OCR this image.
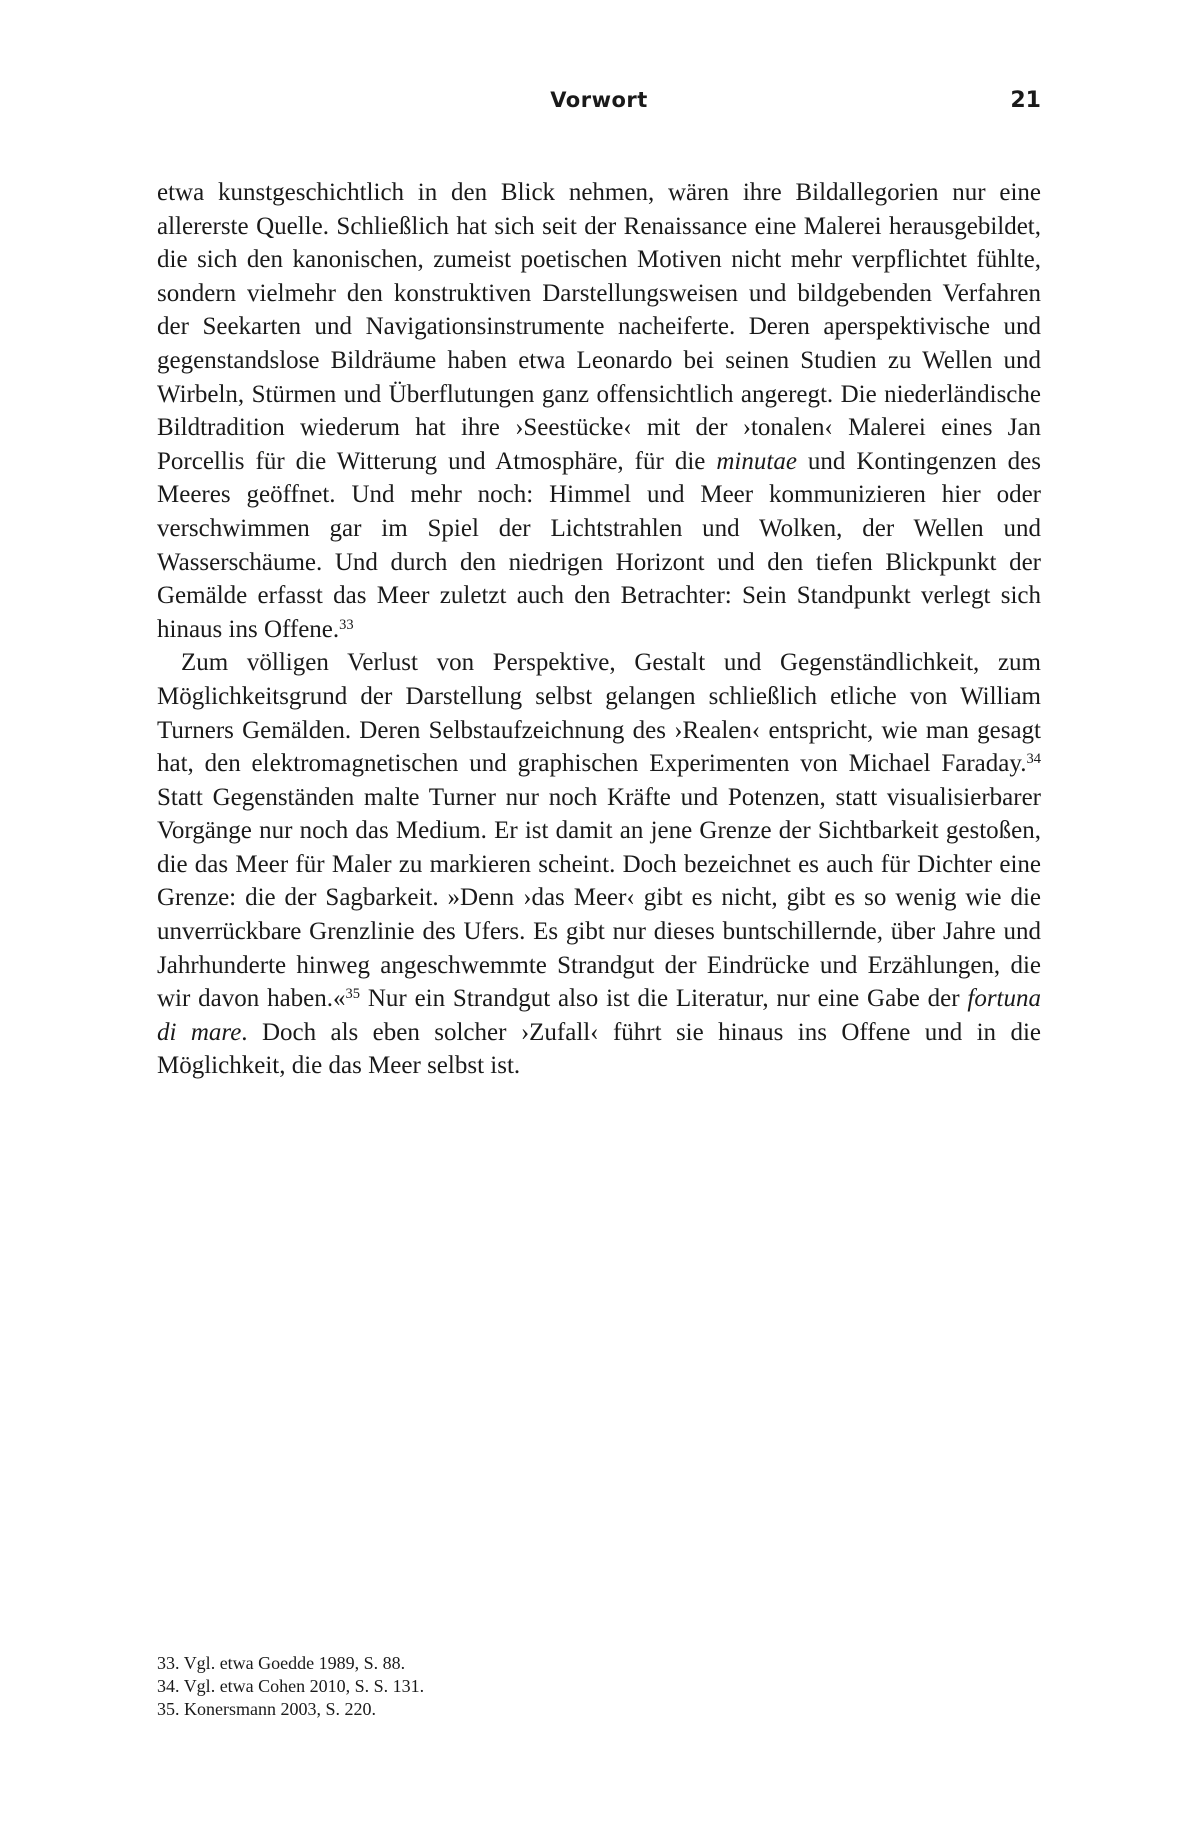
Vorwort	21

etwa kunstgeschichtlich in den Blick nehmen, wären ihre Bildallegorien nur eine allererste Quelle. Schließlich hat sich seit der Renaissance eine Malerei herausgebildet, die sich den kanonischen, zumeist poetischen Motiven nicht mehr verpflichtet fühlte, sondern vielmehr den konstruktiven Darstellungsweisen und bildgebenden Verfahren der Seekarten und Navigationsinstrumente nacheiferte. Deren aperspektivische und gegenstandslose Bildräume haben etwa Leonardo bei seinen Studien zu Wellen und Wirbeln, Stürmen und Überflutungen ganz offensichtlich angeregt. Die niederländische Bildtradition wiederum hat ihre ›Seestücke‹ mit der ›tonalen‹ Malerei eines Jan Porcellis für die Witterung und Atmosphäre, für die minutae und Kontingenzen des Meeres geöffnet. Und mehr noch: Himmel und Meer kommunizieren hier oder verschwimmen gar im Spiel der Lichtstrahlen und Wolken, der Wellen und Wasserschäume. Und durch den niedrigen Horizont und den tiefen Blickpunkt der Gemälde erfasst das Meer zuletzt auch den Betrachter: Sein Standpunkt verlegt sich hinaus ins Offene.$^{33}$

Zum völligen Verlust von Perspektive, Gestalt und Gegenständlichkeit, zum Möglichkeitsgrund der Darstellung selbst gelangen schließlich etliche von William Turners Gemälden. Deren Selbstaufzeichnung des ›Realen‹ entspricht, wie man gesagt hat, den elektromagnetischen und graphischen Experimenten von Michael Faraday.$^{34}$ Statt Gegenständen malte Turner nur noch Kräfte und Potenzen, statt visualisierbarer Vorgänge nur noch das Medium. Er ist damit an jene Grenze der Sichtbarkeit gestoßen, die das Meer für Maler zu markieren scheint. Doch bezeichnet es auch für Dichter eine Grenze: die der Sagbarkeit. »Denn ›das Meer‹ gibt es nicht, gibt es so wenig wie die unverrückbare Grenzlinie des Ufers. Es gibt nur dieses buntschillernde, über Jahre und Jahrhunderte hinweg angeschwemmte Strandgut der Eindrücke und Erzählungen, die wir davon haben.«$^{35}$ Nur ein Strandgut also ist die Literatur, nur eine Gabe der fortuna di mare. Doch als eben solcher ›Zufall‹ führt sie hinaus ins Offene und in die Möglichkeit, die das Meer selbst ist.

33. Vgl. etwa Goedde 1989, S. 88.

34. Vgl. etwa Cohen 2010, S. S. 131.

35. Konersmann 2003, S. 220.
